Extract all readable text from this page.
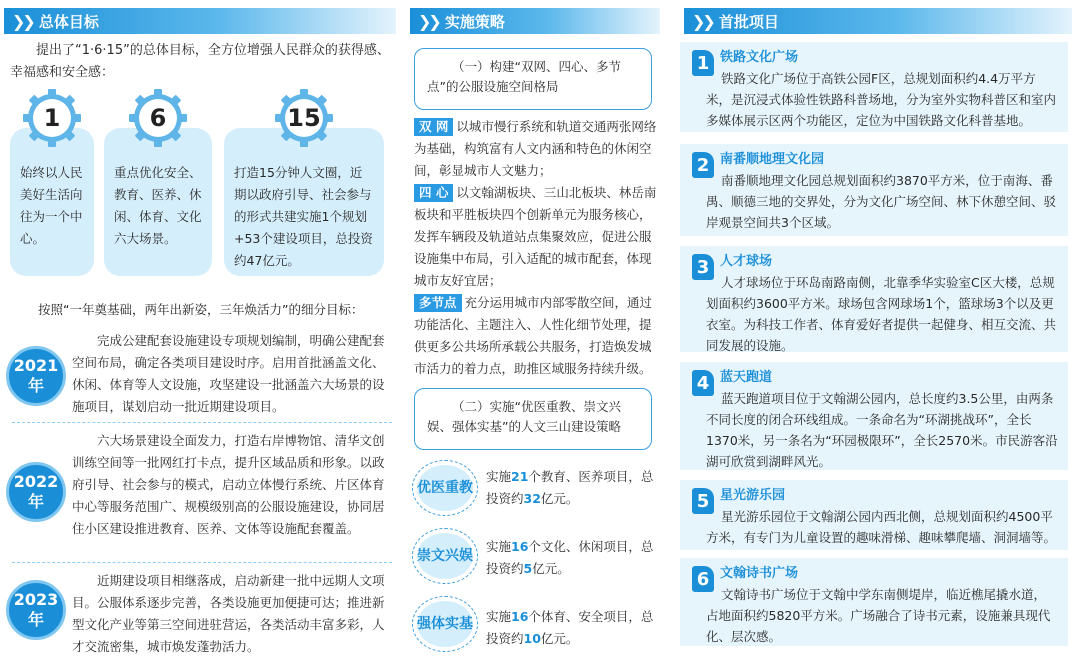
❯❯ 总体目标
提出了“1·6·15”的总体目标，全方位增强人民群众的获得感、幸福感和安全感：
始终以人民美好生活向往为一个中心。
重点优化安全、教育、医养、休闲、体育、文化六大场景。
打造15分钟人文圈，近期以政府引导、社会参与的形式共建实施1个规划+53个建设项目，总投资约47亿元。
1	6	15
按照“一年奠基础，两年出新姿，三年焕活力”的细分目标：
2021
年
完成公建配套设施建设专项规划编制，明确公建配套空间布局，确定各类项目建设时序。启用首批涵盖文化、休闲、体育等人文设施，攻坚建设一批涵盖六大场景的设施项目，谋划启动一批近期建设项目。
2022
年
六大场景建设全面发力，打造右岸博物馆、清华文创训练空间等一批网红打卡点，提升区域品质和形象。以政府引导、社会参与的模式，启动立体慢行系统、片区体育中心等服务范围广、规模级别高的公服设施建设，协同居住小区建设推进教育、医养、文体等设施配套覆盖。
2023
年
近期建设项目相继落成，启动新建一批中远期人文项目。公服体系逐步完善，各类设施更加便捷可达；推进新型文化产业等第三空间进驻营运，各类活动丰富多彩，人才交流密集，城市焕发蓬勃活力。
❯❯ 实施策略
（一）构建“双网、四心、多节点”的公服设施空间格局
双 网 以城市慢行系统和轨道交通两张网络为基础，构筑富有人文内涵和特色的休闲空间，彰显城市人文魅力；
四 心 以文翰湖板块、三山北板块、林岳南板块和平胜板块四个创新单元为服务核心，发挥车辆段及轨道站点集聚效应，促进公服设施集中布局，引入适配的城市配套，体现城市友好宜居；
多节点 充分运用城市内部零散空间，通过功能活化、主题注入、人性化细节处理，提供更多公共场所承载公共服务，打造焕发城市活力的着力点，助推区域服务持续升级。
（二）实施“优医重教、崇文兴娱、强体实基”的人文三山建设策略
优医重教
实施21个教育、医养项目，总投资约32亿元。
崇文兴娱
实施16个文化、休闲项目，总投资约5亿元。
强体实基 实施16个体育、安全项目，总投资约10亿元。
❯❯ 首批项目
1 铁路文化广场
铁路文化广场位于高铁公园F区，总规划面积约4.4万平方米，是沉浸式体验性铁路科普场地，分为室外实物科普区和室内多媒体展示区两个功能区，定位为中国铁路文化科普基地。
2 南番顺地理文化园
南番顺地理文化园总规划面积约3870平方米，位于南海、番禺、顺德三地的交界处，分为文化广场空间、林下休憩空间、驳岸观景空间共3个区域。
3 人才球场
人才球场位于环岛南路南侧，北靠季华实验室C区大楼，总规划面积约3600平方米。球场包含网球场1个，篮球场3个以及更衣室。为科技工作者、体育爱好者提供一起健身、相互交流、共同发展的设施。
4 蓝天跑道
蓝天跑道项目位于文翰湖公园内，总长度约3.5公里，由两条不同长度的闭合环线组成。一条命名为“环湖挑战环”，全长1370米，另一条名为“环园极限环”，全长2570米。市民游客沿湖可欣赏到湖畔风光。
5 星光游乐园
星光游乐园位于文翰湖公园内西北侧，总规划面积约4500平方米，有专门为儿童设置的趣味滑梯、趣味攀爬墙、洞洞墙等。
6 文翰诗书广场
文翰诗书广场位于文翰中学东南侧堤岸，临近樵尾撬水道，占地面积约5820平方米。广场融合了诗书元素，设施兼具现代化、层次感。
